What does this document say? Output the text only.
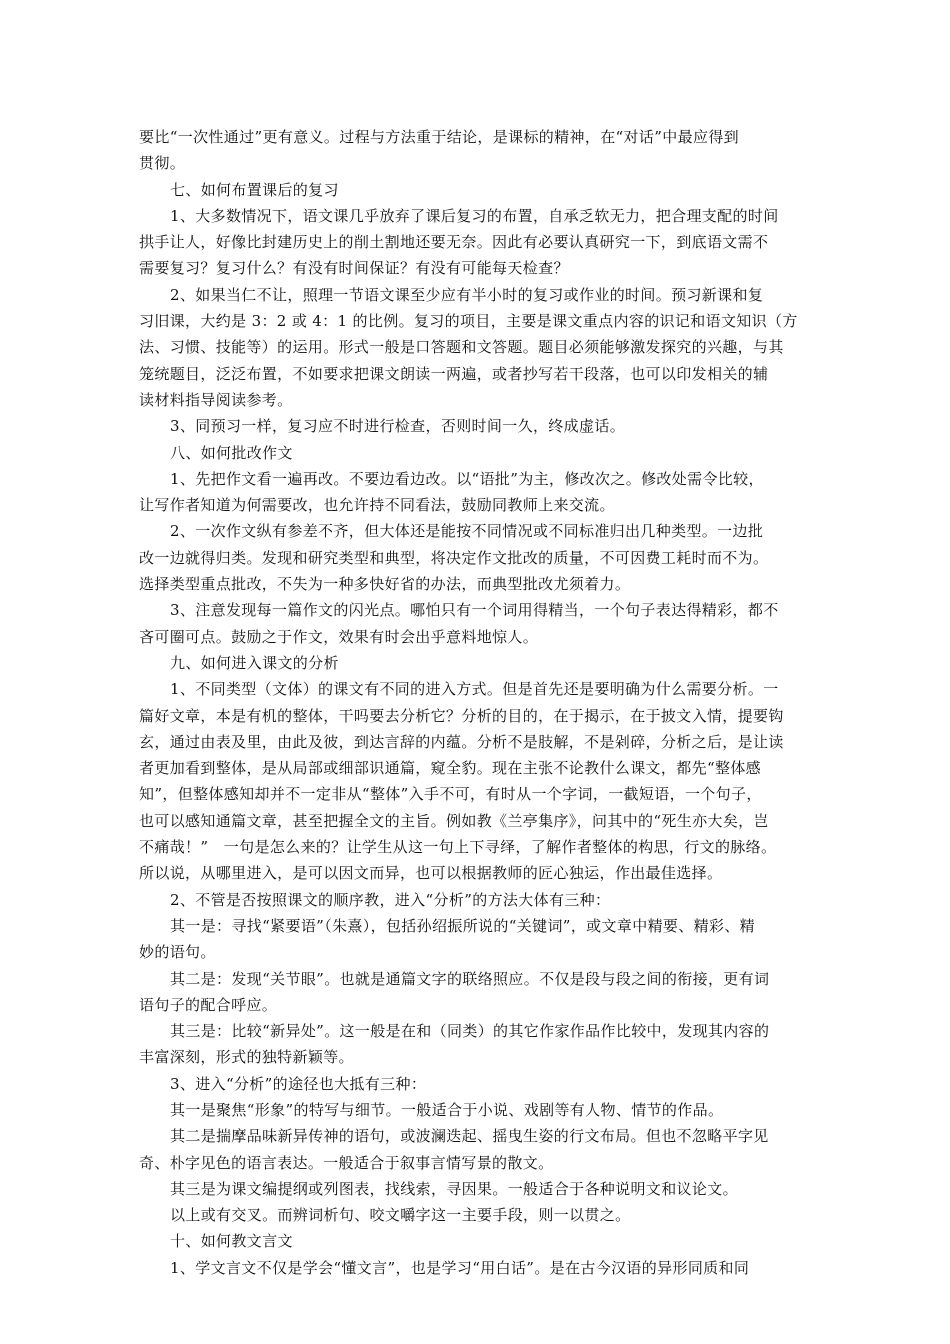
要比“一次性通过”更有意义。过程与方法重于结论，是课标的精神，在“对话”中最应得到
贯彻。
七、如何布置课后的复习
1、大多数情况下，语文课几乎放弃了课后复习的布置，自承乏软无力，把合理支配的时间
拱手让人，好像比封建历史上的削土割地还要无奈。因此有必要认真研究一下，到底语文需不
需要复习？复习什么？有没有时间保证？有没有可能每天检查？
2、如果当仁不让，照理一节语文课至少应有半小时的复习或作业的时间。预习新课和复
习旧课，大约是 3：2 或 4：1 的比例。复习的项目，主要是课文重点内容的识记和语文知识（方
法、习惯、技能等）的运用。形式一般是口答题和文答题。题目必须能够激发探究的兴趣，与其
笼统题目，泛泛布置，不如要求把课文朗读一两遍，或者抄写若干段落，也可以印发相关的辅
读材料指导阅读参考。
3、同预习一样，复习应不时进行检查，否则时间一久，终成虚话。
八、如何批改作文
1、先把作文看一遍再改。不要边看边改。以“语批”为主，修改次之。修改处需令比较，
让写作者知道为何需要改，也允许持不同看法，鼓励同教师上来交流。
2、一次作文纵有参差不齐，但大体还是能按不同情况或不同标准归出几种类型。一边批
改一边就得归类。发现和研究类型和典型，将决定作文批改的质量，不可因费工耗时而不为。
选择类型重点批改，不失为一种多快好省的办法，而典型批改尤须着力。
3、注意发现每一篇作文的闪光点。哪怕只有一个词用得精当，一个句子表达得精彩，都不
吝可圈可点。鼓励之于作文，效果有时会出乎意料地惊人。
九、如何进入课文的分析
1、不同类型（文体）的课文有不同的进入方式。但是首先还是要明确为什么需要分析。一
篇好文章，本是有机的整体，干吗要去分析它？分析的目的，在于揭示，在于披文入情，提要钩
玄，通过由表及里，由此及彼，到达言辞的内蕴。分析不是肢解，不是剁碎，分析之后，是让读
者更加看到整体，是从局部或细部识通篇，窥全豹。现在主张不论教什么课文，都先“整体感
知”，但整体感知却并不一定非从“整体”入手不可，有时从一个字词，一截短语，一个句子，
也可以感知通篇文章，甚至把握全文的主旨。例如教《兰亭集序》，问其中的“死生亦大矣，岂
不痛哉！”　一句是怎么来的？让学生从这一句上下寻绎，了解作者整体的构思，行文的脉络。
所以说，从哪里进入，是可以因文而异，也可以根据教师的匠心独运，作出最佳选择。
2、不管是否按照课文的顺序教，进入“分析”的方法大体有三种：
其一是：寻找“紧要语”（朱熹），包括孙绍振所说的“关键词”，或文章中精要、精彩、精
妙的语句。
其二是：发现“关节眼”。也就是通篇文字的联络照应。不仅是段与段之间的衔接，更有词
语句子的配合呼应。
其三是：比较“新异处”。这一般是在和（同类）的其它作家作品作比较中，发现其内容的
丰富深刻，形式的独特新颖等。
3、进入“分析”的途径也大抵有三种：
其一是聚焦“形象”的特写与细节。一般适合于小说、戏剧等有人物、情节的作品。
其二是揣摩品味新异传神的语句，或波澜迭起、摇曳生姿的行文布局。但也不忽略平字见
奇、朴字见色的语言表达。一般适合于叙事言情写景的散文。
其三是为课文编提纲或列图表，找线索，寻因果。一般适合于各种说明文和议论文。
以上或有交叉。而辨词析句、咬文嚼字这一主要手段，则一以贯之。
十、如何教文言文
1、学文言文不仅是学会“懂文言”，也是学习“用白话”。是在古今汉语的异形同质和同
